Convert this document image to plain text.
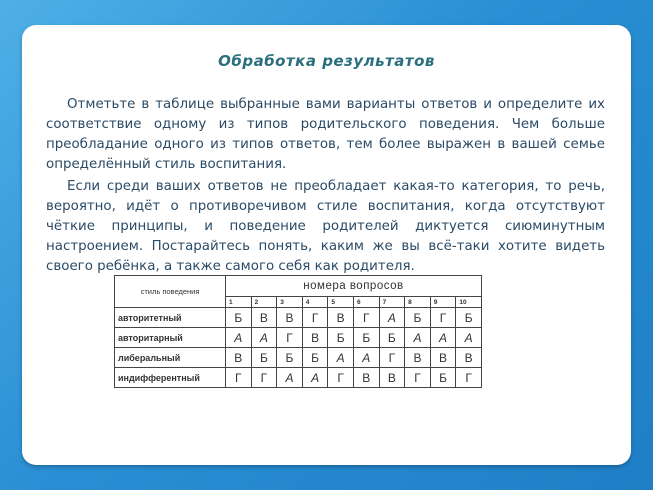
Обработка результатов

Отметьте в таблице выбранные вами варианты ответов и определите их соответствие одному из типов родительского поведения. Чем больше преобладание одного из типов ответов, тем более выражен в вашей семье определённый стиль воспитания.

Если среди ваших ответов не преобладает какая-то категория, то речь, вероятно, идёт о противоречивом стиле воспитания, когда отсутствуют чёткие принципы, и поведение родителей диктуется сиюминутным настроением. Постарайтесь понять, каким же вы всё-таки хотите видеть своего ребёнка, а также самого себя как родителя.

стиль поведения	номера вопросов									
	1	2	3	4	5	6	7	8	9	10
авторитетный	Б	В	В	Г	В	Г	А	Б	Г	Б
авторитарный	А	А	Г	В	Б	Б	Б	А	А	А
либеральный	В	Б	Б	Б	А	А	Г	В	В	В
индифферентный	Г	Г	А	А	Г	В	В	Г	Б	Г
